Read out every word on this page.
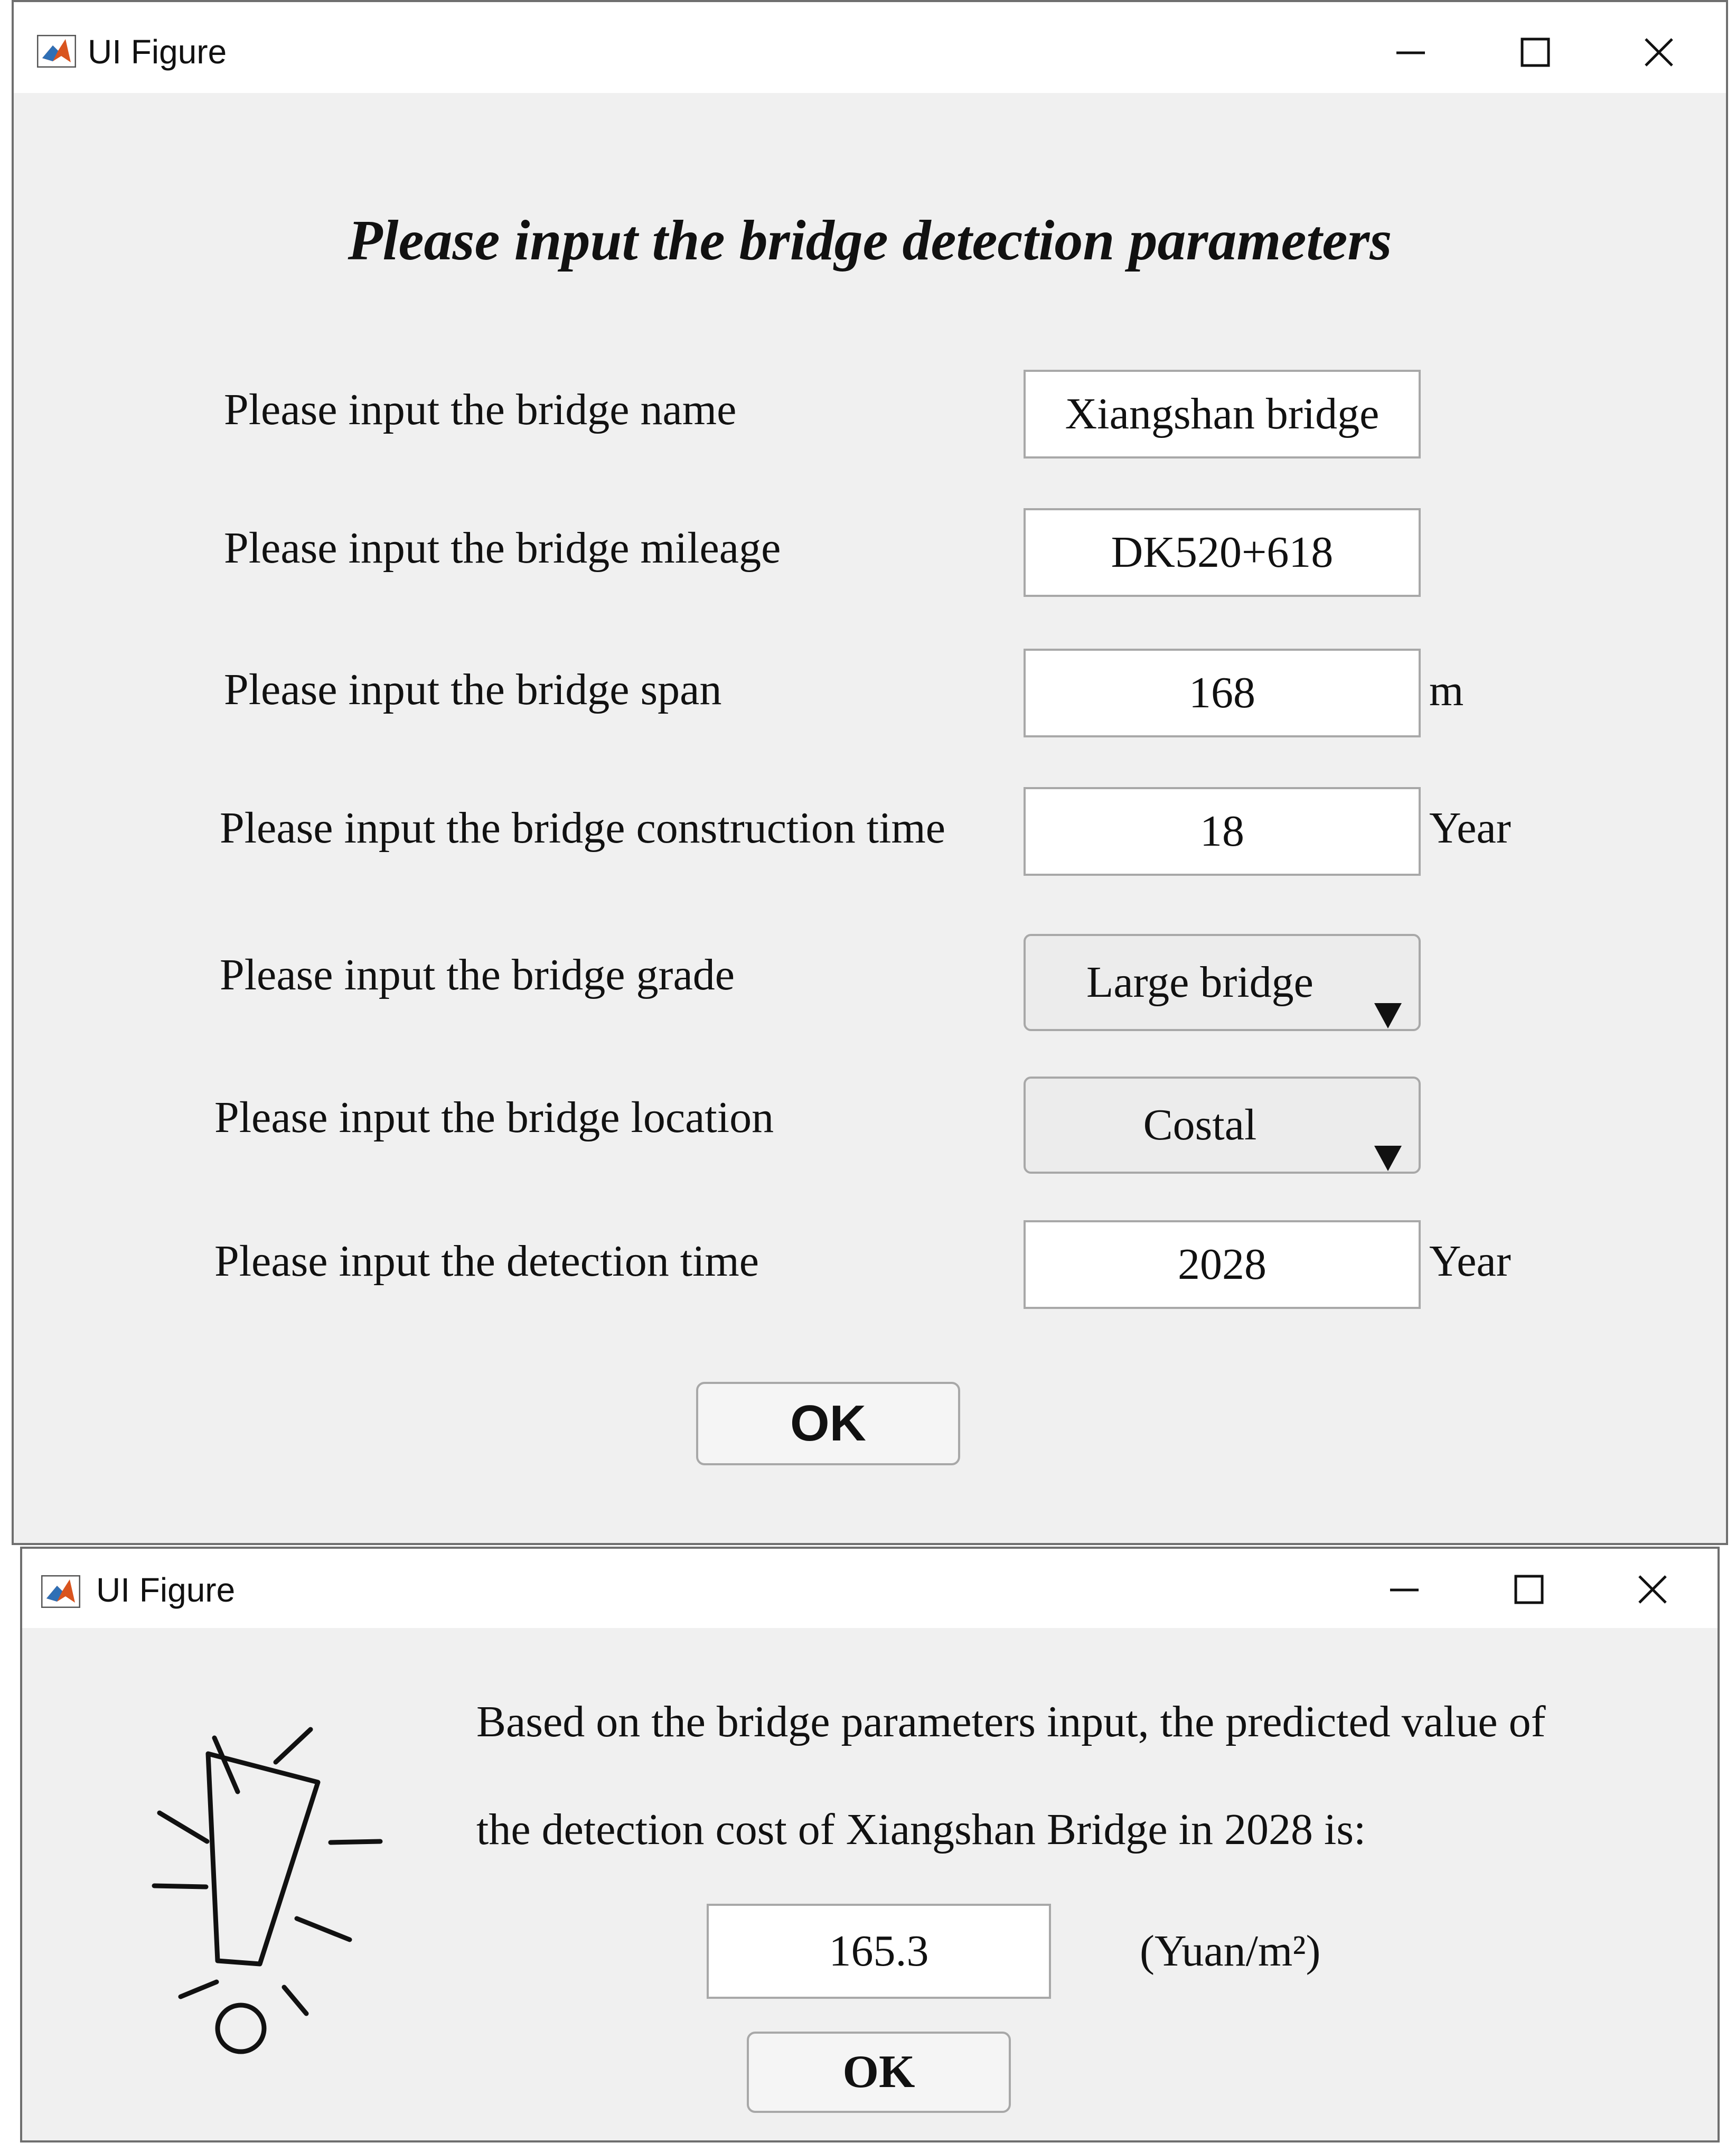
UI Figure
Please input the bridge detection parameters
Please input the bridge name	Xiangshan bridge
Please input the bridge mileage	DK520+618
Please input the bridge span	168	m
Please input the bridge construction time	18	Year
Please input the bridge grade	Large bridge
Please input the bridge location	Costal
Please input the detection time	2028	Year
OK
UI Figure
Based on the bridge parameters input, the predicted value of
the detection cost of Xiangshan Bridge in 2028 is:
165.3	(Yuan/m²)
OK
